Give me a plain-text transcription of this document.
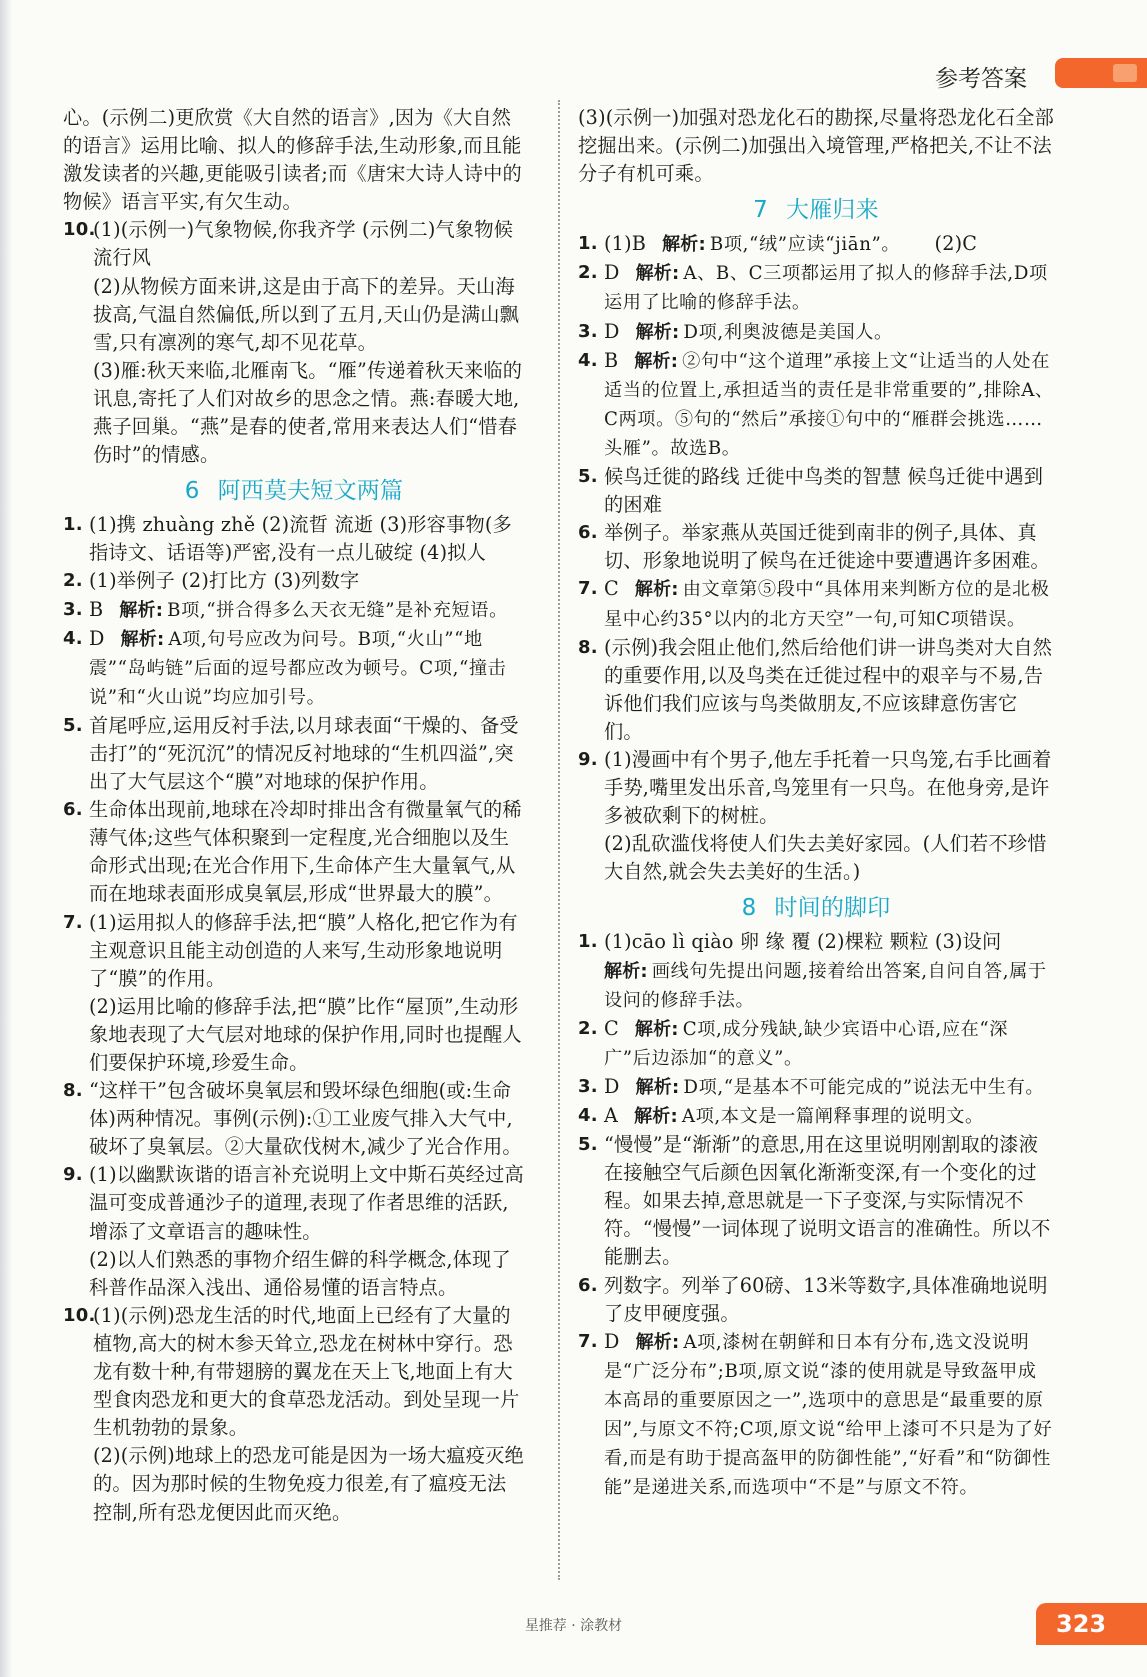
参考答案

心。(示例二)更欣赏《大自然的语言》,因为《大自然的语言》运用比喻、拟人的修辞手法,生动形象,而且能激发读者的兴趣,更能吸引读者;而《唐宋大诗人诗中的物候》语言平实,有欠生动。

10.
(1)(示例一)气象物候,你我齐学 (示例二)气象物候流行风
(2)从物候方面来讲,这是由于高下的差异。天山海拔高,气温自然偏低,所以到了五月,天山仍是满山飘雪,只有凛冽的寒气,却不见花草。
(3)雁:秋天来临,北雁南飞。“雁”传递着秋天来临的讯息,寄托了人们对故乡的思念之情。燕:春暖大地,燕子回巢。“燕”是春的使者,常用来表达人们“惜春伤时”的情感。
6 阿西莫夫短文两篇
1. (1)携 zhuàng zhě (2)流晢 流逝 (3)形容事物(多指诗文、话语等)严密,没有一点儿破绽 (4)拟人
2. (1)举例子 (2)打比方 (3)列数字
3. B 解析: B项,“拼合得多么天衣无缝”是补充短语。
4. D 解析: A项,句号应改为问号。B项,“火山”“地震”“岛屿链”后面的逗号都应改为顿号。C项,“撞击说”和“火山说”均应加引号。
5. 首尾呼应,运用反衬手法,以月球表面“干燥的、备受击打”的“死沉沉”的情况反衬地球的“生机四溢”,突出了大气层这个“膜”对地球的保护作用。
6. 生命体出现前,地球在冷却时排出含有微量氧气的稀薄气体;这些气体积聚到一定程度,光合细胞以及生命形式出现;在光合作用下,生命体产生大量氧气,从而在地球表面形成臭氧层,形成“世界最大的膜”。
7. (1)运用拟人的修辞手法,把“膜”人格化,把它作为有主观意识且能主动创造的人来写,生动形象地说明了“膜”的作用。
(2)运用比喻的修辞手法,把“膜”比作“屋顶”,生动形象地表现了大气层对地球的保护作用,同时也提醒人们要保护环境,珍爱生命。
8. “这样干”包含破坏臭氧层和毁坏绿色细胞(或:生命体)两种情况。事例(示例):①工业废气排入大气中,破坏了臭氧层。②大量砍伐树木,减少了光合作用。
9. (1)以幽默诙谐的语言补充说明上文中斯石英经过高温可变成普通沙子的道理,表现了作者思维的活跃,增添了文章语言的趣味性。
(2)以人们熟悉的事物介绍生僻的科学概念,体现了科普作品深入浅出、通俗易懂的语言特点。
10.
(1)(示例)恐龙生活的时代,地面上已经有了大量的植物,高大的树木参天耸立,恐龙在树林中穿行。恐龙有数十种,有带翅膀的翼龙在天上飞,地面上有大型食肉恐龙和更大的食草恐龙活动。到处呈现一片生机勃勃的景象。
(2)(示例)地球上的恐龙可能是因为一场大瘟疫灭绝的。因为那时候的生物免疫力很差,有了瘟疫无法控制,所有恐龙便因此而灭绝。

(3)(示例一)加强对恐龙化石的勘探,尽量将恐龙化石全部挖掘出来。(示例二)加强出入境管理,严格把关,不让不法分子有机可乘。

7 大雁归来
1. (1)B 解析: B项,“绒”应读“jiān”。 (2)C
2. D 解析: A、B、C三项都运用了拟人的修辞手法,D项运用了比喻的修辞手法。
3. D 解析: D项,利奥波德是美国人。
4. B 解析: ②句中“这个道理”承接上文“让适当的人处在适当的位置上,承担适当的责任是非常重要的”,排除A、C两项。⑤句的“然后”承接①句中的“雁群会挑选……头雁”。故选B。
5. 候鸟迁徙的路线 迁徙中鸟类的智慧 候鸟迁徙中遇到的困难
6. 举例子。举家燕从英国迁徙到南非的例子,具体、真切、形象地说明了候鸟在迁徙途中要遭遇许多困难。
7. C 解析: 由文章第⑤段中“具体用来判断方位的是北极星中心约35°以内的北方天空”一句,可知C项错误。
8. (示例)我会阻止他们,然后给他们讲一讲鸟类对大自然的重要作用,以及鸟类在迁徙过程中的艰辛与不易,告诉他们我们应该与鸟类做朋友,不应该肆意伤害它们。
9. (1)漫画中有个男子,他左手托着一只鸟笼,右手比画着手势,嘴里发出乐音,鸟笼里有一只鸟。在他身旁,是许多被砍剩下的树桩。
(2)乱砍滥伐将使人们失去美好家园。(人们若不珍惜大自然,就会失去美好的生活。)
8 时间的脚印
1. (1)cāo lì qiào 卵 缘 覆 (2)棵粒 颗粒 (3)设问
解析: 画线句先提出问题,接着给出答案,自问自答,属于设问的修辞手法。
2. C 解析: C项,成分残缺,缺少宾语中心语,应在“深广”后边添加“的意义”。
3. D 解析: D项,“是基本不可能完成的”说法无中生有。
4. A 解析: A项,本文是一篇阐释事理的说明文。
5. “慢慢”是“渐渐”的意思,用在这里说明刚割取的漆液在接触空气后颜色因氧化渐渐变深,有一个变化的过程。如果去掉,意思就是一下子变深,与实际情况不符。“慢慢”一词体现了说明文语言的准确性。所以不能删去。
6. 列数字。列举了60磅、13米等数字,具体准确地说明了皮甲硬度强。
7. D 解析: A项,漆树在朝鲜和日本有分布,选文没说明是“广泛分布”;B项,原文说“漆的使用就是导致盔甲成本高昂的重要原因之一”,选项中的意思是“最重要的原因”,与原文不符;C项,原文说“给甲上漆可不只是为了好看,而是有助于提高盔甲的防御性能”,“好看”和“防御性能”是递进关系,而选项中“不是”与原文不符。
星推荐 · 涂教材	323
